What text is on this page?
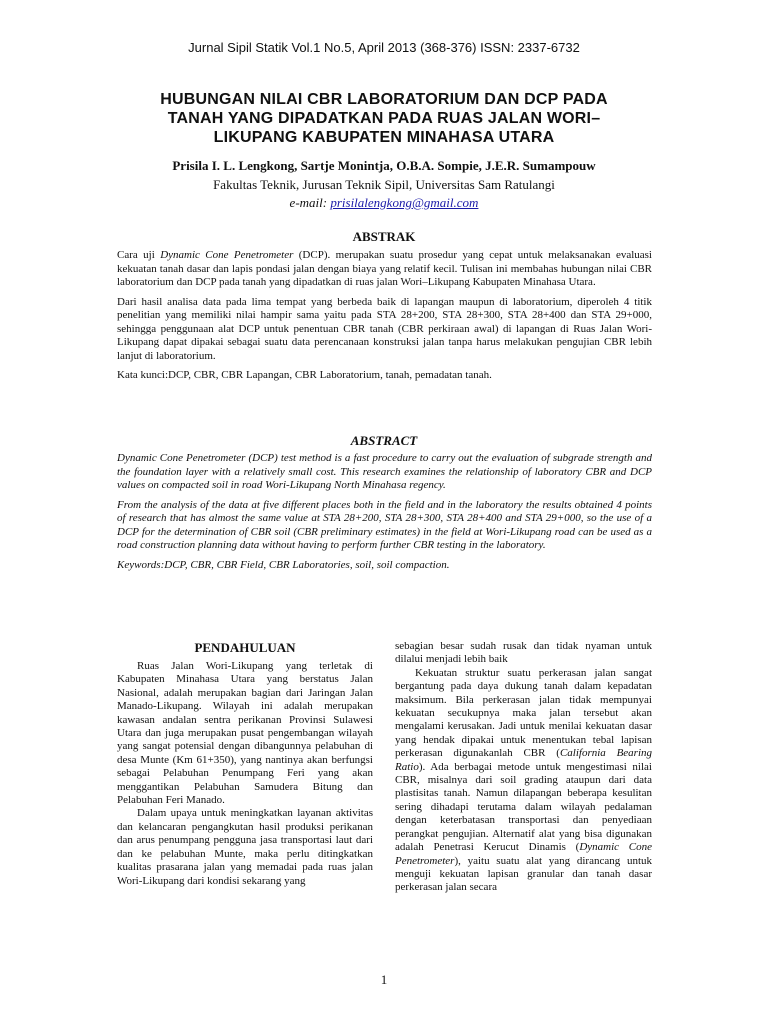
Jurnal Sipil Statik Vol.1 No.5, April 2013 (368-376) ISSN: 2337-6732
HUBUNGAN NILAI CBR LABORATORIUM DAN DCP PADA
TANAH YANG DIPADATKAN PADA RUAS JALAN WORI–
LIKUPANG KABUPATEN MINAHASA UTARA
Prisila I. L. Lengkong, Sartje Monintja, O.B.A. Sompie, J.E.R. Sumampouw
Fakultas Teknik, Jurusan Teknik Sipil, Universitas Sam Ratulangi
e-mail: prisilalengkong@gmail.com
ABSTRAK

Cara uji Dynamic Cone Penetrometer (DCP). merupakan suatu prosedur yang cepat untuk melaksanakan evaluasi kekuatan tanah dasar dan lapis pondasi jalan dengan biaya yang relatif kecil. Tulisan ini membahas hubungan nilai CBR laboratorium dan DCP pada tanah yang dipadatkan di ruas jalan Wori–Likupang Kabupaten Minahasa Utara.

Dari hasil analisa data pada lima tempat yang berbeda baik di lapangan maupun di laboratorium, diperoleh 4 titik penelitian yang memiliki nilai hampir sama yaitu pada STA 28+200, STA 28+300, STA 28+400 dan STA 29+000, sehingga penggunaan alat DCP untuk penentuan CBR tanah (CBR perkiraan awal) di lapangan di Ruas Jalan Wori-Likupang dapat dipakai sebagai suatu data perencanaan konstruksi jalan tanpa harus melakukan pengujian CBR lebih lanjut di laboratorium.

Kata kunci:DCP, CBR, CBR Lapangan, CBR Laboratorium, tanah, pemadatan tanah.

ABSTRACT

Dynamic Cone Penetrometer (DCP) test method is a fast procedure to carry out the evaluation of subgrade strength and the foundation layer with a relatively small cost. This research examines the relationship of laboratory CBR and DCP values on compacted soil in road Wori-Likupang North Minahasa regency.

From the analysis of the data at five different places both in the field and in the laboratory the results obtained 4 points of research that has almost the same value at STA 28+200, STA 28+300, STA 28+400 and STA 29+000, so the use of a DCP for the determination of CBR soil (CBR preliminary estimates) in the field at Wori-Likupang road can be used as a road construction planning data without having to perform further CBR testing in the laboratory.

Keywords:DCP, CBR, CBR Field, CBR Laboratories, soil, soil compaction.

PENDAHULUAN

Ruas Jalan Wori-Likupang yang terletak di Kabupaten Minahasa Utara yang berstatus Jalan Nasional, adalah merupakan bagian dari Jaringan Jalan Manado-Likupang. Wilayah ini adalah merupakan kawasan andalan sentra perikanan Provinsi Sulawesi Utara dan juga merupakan pusat pengembangan wilayah yang sangat potensial dengan dibangunnya pelabuhan di desa Munte (Km 61+350), yang nantinya akan berfungsi sebagai Pelabuhan Penumpang Feri yang akan menggantikan Pelabuhan Samudera Bitung dan Pelabuhan Feri Manado.

Dalam upaya untuk meningkatkan layanan aktivitas dan kelancaran pengangkutan hasil produksi perikanan dan arus penumpang pengguna jasa transportasi laut dari dan ke pelabuhan Munte, maka perlu ditingkatkan kualitas prasarana jalan yang memadai pada ruas jalan Wori-Likupang dari kondisi sekarang yang

sebagian besar sudah rusak dan tidak nyaman untuk dilalui menjadi lebih baik

Kekuatan struktur suatu perkerasan jalan sangat bergantung pada daya dukung tanah dalam kepadatan maksimum. Bila perkerasan jalan tidak mempunyai kekuatan secukupnya maka jalan tersebut akan mengalami kerusakan. Jadi untuk menilai kekuatan dasar yang hendak dipakai untuk menentukan tebal lapisan perkerasan digunakanlah CBR (California Bearing Ratio). Ada berbagai metode untuk mengestimasi nilai CBR, misalnya dari soil grading ataupun dari data plastisitas tanah. Namun dilapangan beberapa kesulitan sering dihadapi terutama dalam wilayah pedalaman dengan keterbatasan transportasi dan penyediaan perangkat pengujian. Alternatif alat yang bisa digunakan adalah Penetrasi Kerucut Dinamis (Dynamic Cone Penetrometer), yaitu suatu alat yang dirancang untuk menguji kekuatan lapisan granular dan tanah dasar perkerasan jalan secara

1
